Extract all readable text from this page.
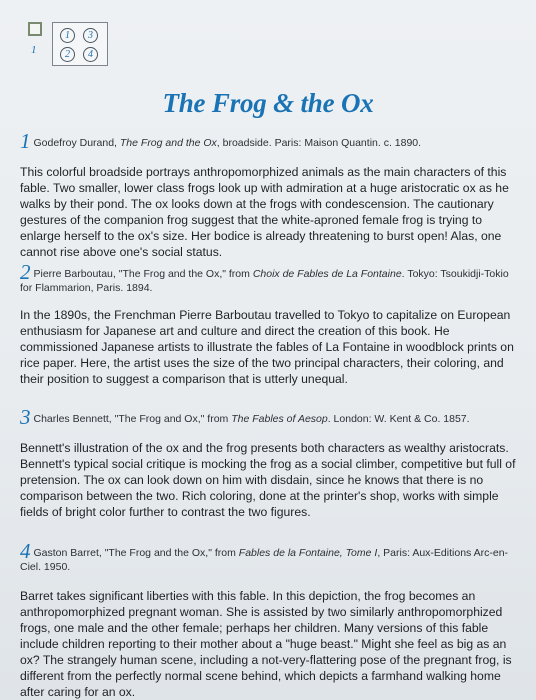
1
1	3
2	4
The Frog & the Ox
1 Godefroy Durand, The Frog and the Ox, broadside. Paris: Maison Quantin. c. 1890.
This colorful broadside portrays anthropomorphized animals as the main characters of this fable. Two smaller, lower class frogs look up with admiration at a huge aristocratic ox as he walks by their pond. The ox looks down at the frogs with condescension. The cautionary gestures of the companion frog suggest that the white-aproned female frog is trying to enlarge herself to the ox's size. Her bodice is already threatening to burst open! Alas, one cannot rise above one's social status.
2 Pierre Barboutau, "The Frog and the Ox," from Choix de Fables de La Fontaine. Tokyo: Tsoukidji-Tokio for Flammarion, Paris. 1894.
In the 1890s, the Frenchman Pierre Barboutau travelled to Tokyo to capitalize on European enthusiasm for Japanese art and culture and direct the creation of this book. He commissioned Japanese artists to illustrate the fables of La Fontaine in woodblock prints on rice paper. Here, the artist uses the size of the two principal characters, their coloring, and their position to suggest a comparison that is utterly unequal.
3 Charles Bennett, "The Frog and Ox," from The Fables of Aesop. London: W. Kent & Co. 1857.
Bennett's illustration of the ox and the frog presents both characters as wealthy aristocrats. Bennett's typical social critique is mocking the frog as a social climber, competitive but full of pretension. The ox can look down on him with disdain, since he knows that there is no comparison between the two. Rich coloring, done at the printer's shop, works with simple fields of bright color further to contrast the two figures.
4 Gaston Barret, "The Frog and the Ox," from Fables de la Fontaine, Tome I, Paris: Aux-Editions Arc-en-Ciel. 1950.
Barret takes significant liberties with this fable. In this depiction, the frog becomes an anthropomorphized pregnant woman. She is assisted by two similarly anthropomorphized frogs, one male and the other female; perhaps her children. Many versions of this fable include children reporting to their mother about a "huge beast." Might she feel as big as an ox? The strangely human scene, including a not-very-flattering pose of the pregnant frog, is different from the perfectly normal scene behind, which depicts a farmhand walking home after caring for an ox.
